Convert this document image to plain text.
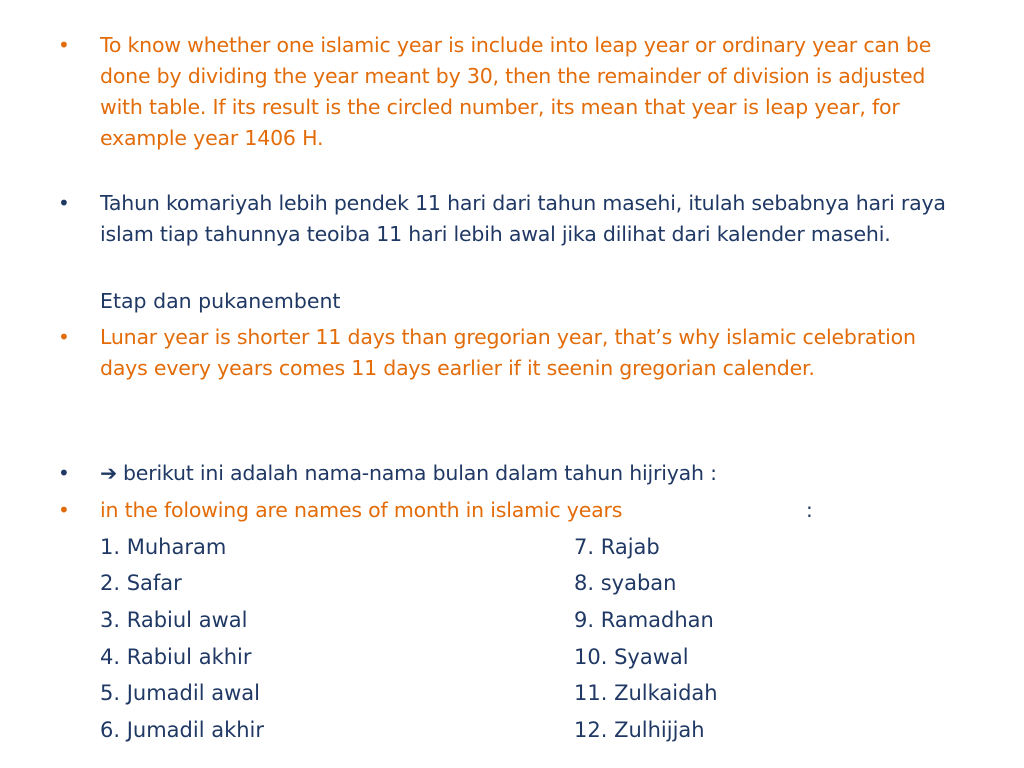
• To know whether one islamic year is include into leap year or ordinary year can be done by dividing the year meant by 30, then the remainder of division is adjusted with table. If its result is the circled number, its mean that year is leap year, for example year 1406 H.
• Tahun komariyah lebih pendek 11 hari dari tahun masehi, itulah sebabnya hari raya islam tiap tahunnya teoiba 11 hari lebih awal jika dilihat dari kalender masehi.
Etap dan pukanembent
• Lunar year is shorter 11 days than gregorian year, that’s why islamic celebration days every years comes 11 days earlier if it seenin gregorian calender.
• ➔ berikut ini adalah nama-nama bulan dalam tahun hijriyah :
• in the folowing are names of month in islamic years	:
1. Muharam
2. Safar
3. Rabiul awal
4. Rabiul akhir
5. Jumadil awal
6. Jumadil akhir
7. Rajab
8. syaban
9. Ramadhan
10. Syawal
11. Zulkaidah
12. Zulhijjah
